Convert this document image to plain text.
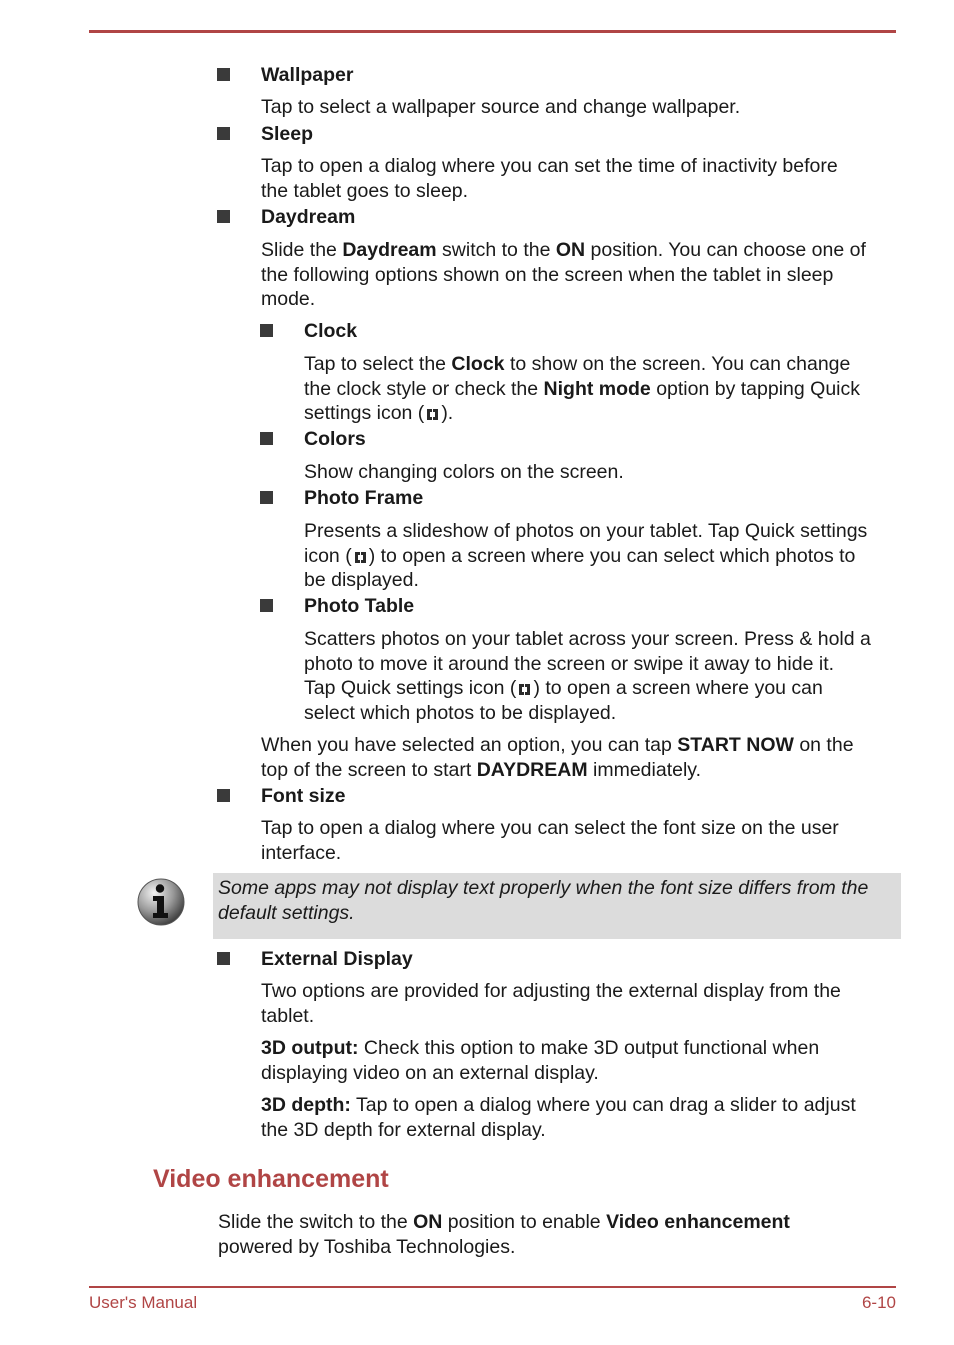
Wallpaper

Tap to select a wallpaper source and change wallpaper.

Sleep

Tap to open a dialog where you can set the time of inactivity before
the tablet goes to sleep.

Daydream

Slide the Daydream switch to the ON position. You can choose one of
the following options shown on the screen when the tablet in sleep
mode.

Clock

Tap to select the Clock to show on the screen. You can change
the clock style or check the Night mode option by tapping Quick
settings icon ( ).

Colors

Show changing colors on the screen.

Photo Frame

Presents a slideshow of photos on your tablet. Tap Quick settings
icon ( ) to open a screen where you can select which photos to
be displayed.

Photo Table

Scatters photos on your tablet across your screen. Press & hold a
photo to move it around the screen or swipe it away to hide it.
Tap Quick settings icon ( ) to open a screen where you can
select which photos to be displayed.

When you have selected an option, you can tap START NOW on the
top of the screen to start DAYDREAM immediately.

Font size

Tap to open a dialog where you can select the font size on the user
interface.

Some apps may not display text properly when the font size differs from the
default settings.

External Display

Two options are provided for adjusting the external display from the
tablet.

3D output: Check this option to make 3D output functional when
displaying video on an external display.

3D depth: Tap to open a dialog where you can drag a slider to adjust
the 3D depth for external display.

Video enhancement

Slide the switch to the ON position to enable Video enhancement
powered by Toshiba Technologies.

User's Manual	6-10
